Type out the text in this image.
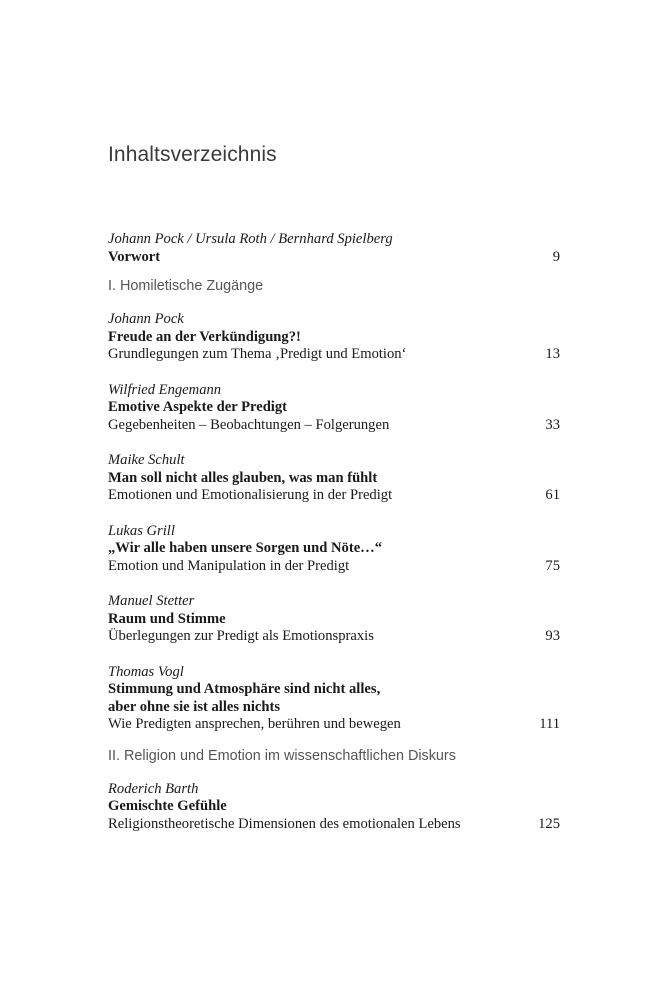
Inhaltsverzeichnis
Johann Pock / Ursula Roth / Bernhard Spielberg
Vorwort	9
I. Homiletische Zugänge
Johann Pock
Freude an der Verkündigung?!
Grundlegungen zum Thema ‚Predigt und Emotion‘	13
Wilfried Engemann
Emotive Aspekte der Predigt
Gegebenheiten – Beobachtungen – Folgerungen	33
Maike Schult
Man soll nicht alles glauben, was man fühlt
Emotionen und Emotionalisierung in der Predigt	61
Lukas Grill
„Wir alle haben unsere Sorgen und Nöte…“
Emotion und Manipulation in der Predigt	75
Manuel Stetter
Raum und Stimme
Überlegungen zur Predigt als Emotionspraxis	93
Thomas Vogl
Stimmung und Atmosphäre sind nicht alles,
aber ohne sie ist alles nichts
Wie Predigten ansprechen, berühren und bewegen	111
II. Religion und Emotion im wissenschaftlichen Diskurs
Roderich Barth
Gemischte Gefühle
Religionstheoretische Dimensionen des emotionalen Lebens	125
